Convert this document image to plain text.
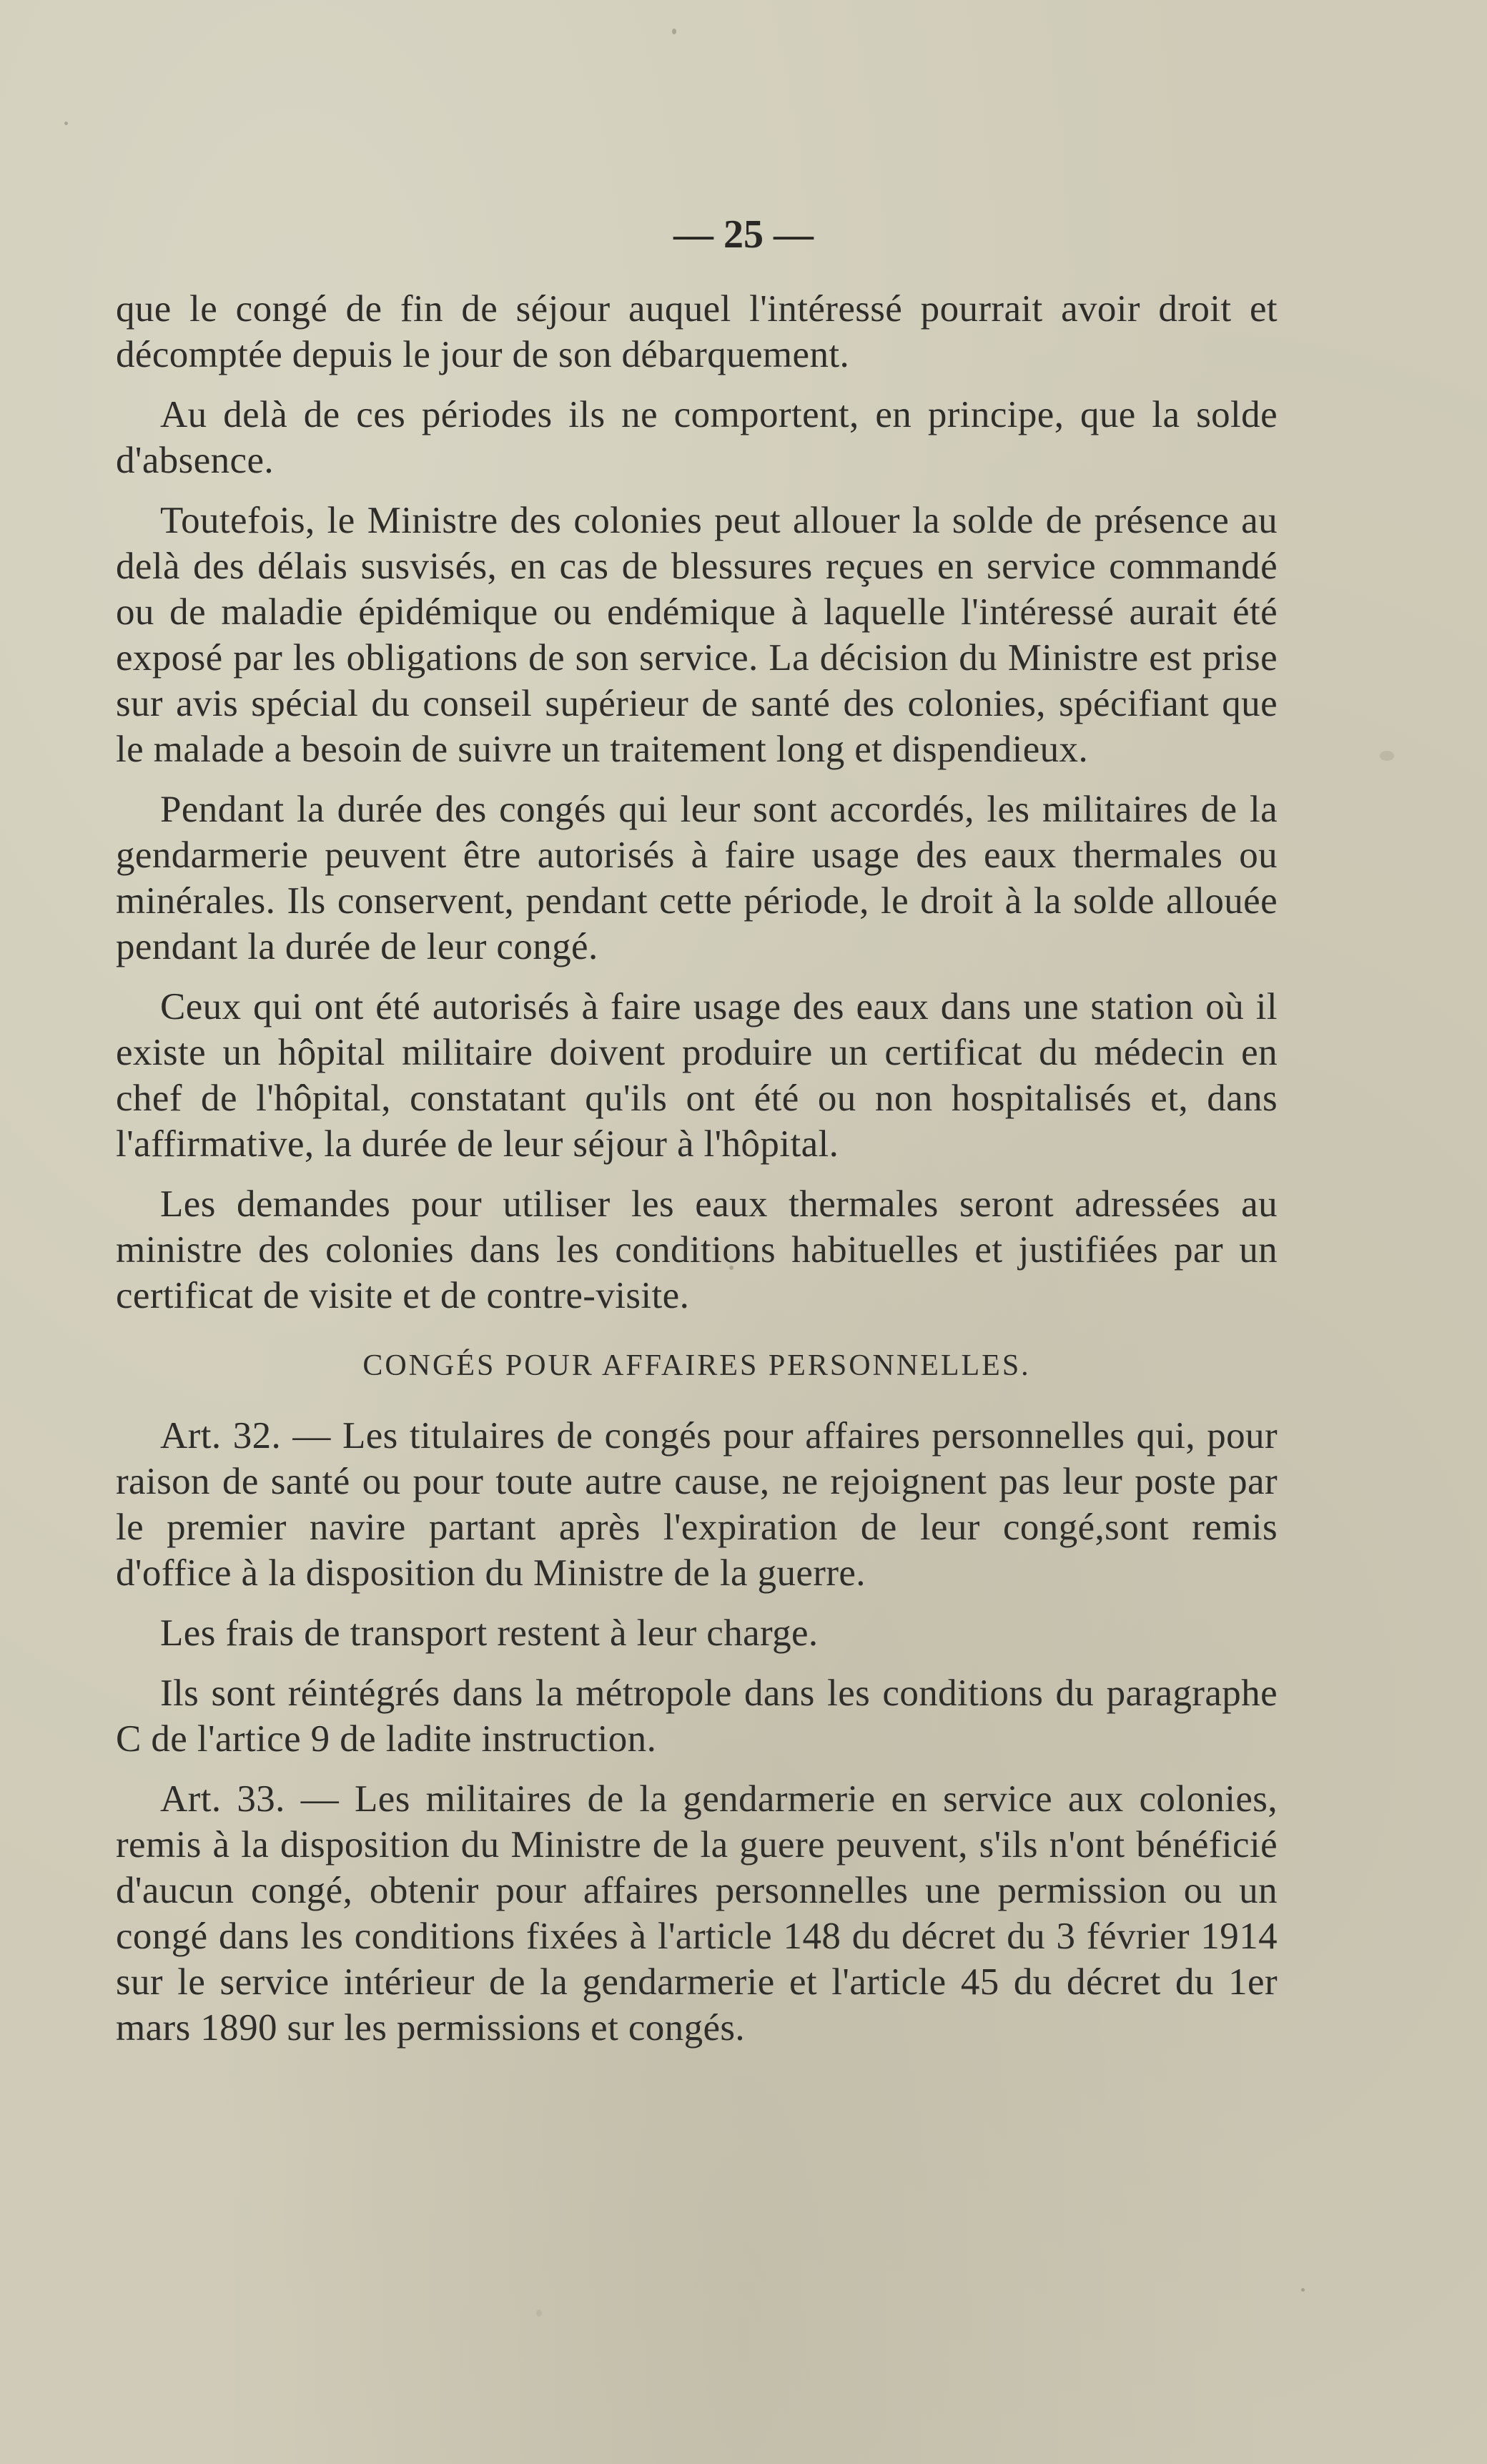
— 25 —

que le congé de fin de séjour auquel l'intéressé pourrait avoir droit et décomptée depuis le jour de son débarquement.

Au delà de ces périodes ils ne comportent, en principe, que la solde d'absence.

Toutefois, le Ministre des colonies peut allouer la solde de présence au delà des délais susvisés, en cas de blessures reçues en service commandé ou de maladie épidémique ou endémique à laquelle l'intéressé aurait été exposé par les obligations de son service. La décision du Ministre est prise sur avis spécial du conseil supérieur de santé des colonies, spécifiant que le malade a besoin de suivre un traitement long et dispendieux.

Pendant la durée des congés qui leur sont accordés, les militaires de la gendarmerie peuvent être autorisés à faire usage des eaux thermales ou minérales. Ils conservent, pendant cette période, le droit à la solde allouée pendant la durée de leur congé.

Ceux qui ont été autorisés à faire usage des eaux dans une station où il existe un hôpital militaire doivent produire un certificat du médecin en chef de l'hôpital, constatant qu'ils ont été ou non hospitalisés et, dans l'affirmative, la durée de leur séjour à l'hôpital.

Les demandes pour utiliser les eaux thermales seront adressées au ministre des colonies dans les conditions habituelles et justifiées par un certificat de visite et de contre-visite.

CONGÉS POUR AFFAIRES PERSONNELLES.

Art. 32. — Les titulaires de congés pour affaires personnelles qui, pour raison de santé ou pour toute autre cause, ne rejoignent pas leur poste par le premier navire partant après l'expiration de leur congé,sont remis d'office à la disposition du Ministre de la guerre.

Les frais de transport restent à leur charge.

Ils sont réintégrés dans la métropole dans les conditions du paragraphe C de l'artice 9 de ladite instruction.

Art. 33. — Les militaires de la gendarmerie en service aux colonies, remis à la disposition du Ministre de la guere peuvent, s'ils n'ont bénéficié d'aucun congé, obtenir pour affaires personnelles une permission ou un congé dans les conditions fixées à l'article 148 du décret du 3 février 1914 sur le service intérieur de la gendarmerie et l'article 45 du décret du 1er mars 1890 sur les permissions et congés.
